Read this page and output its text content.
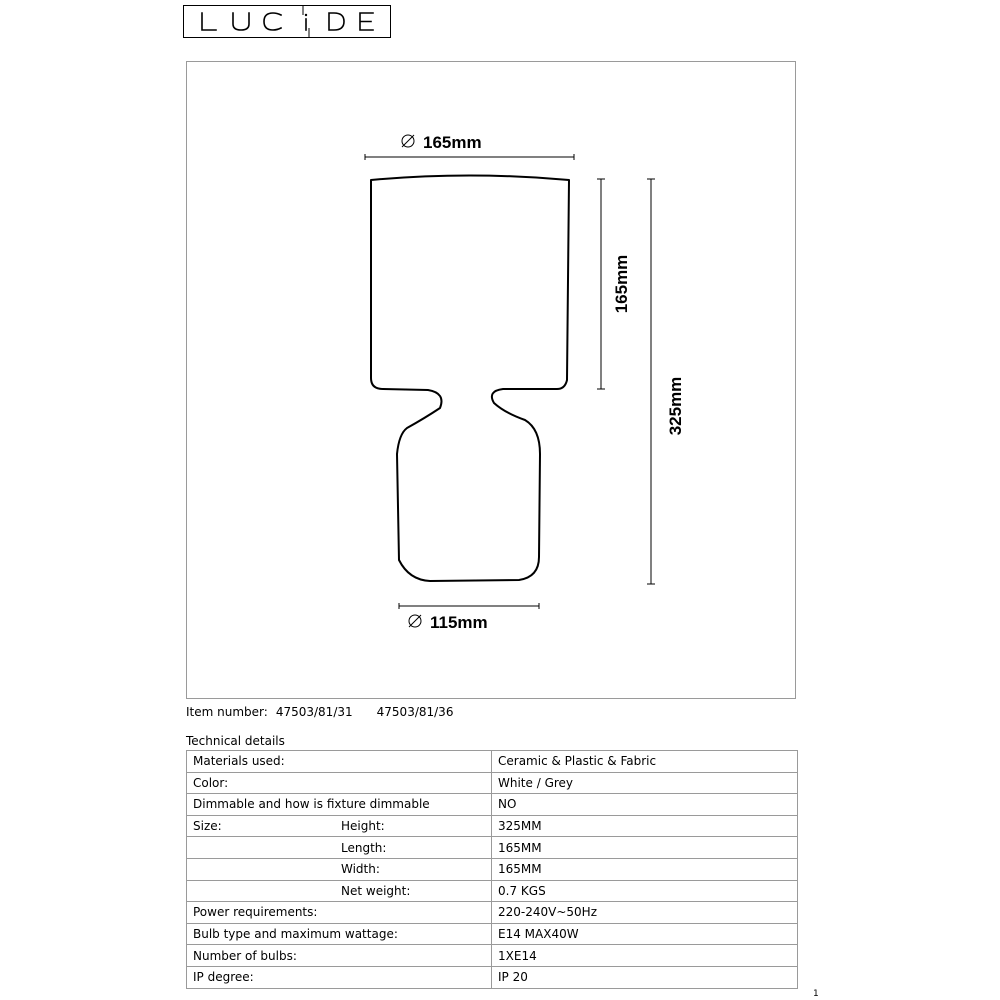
165mm
165mm
325mm
115mm
Item number: 47503/81/31 47503/81/36
Technical details
Materials used:	Ceramic & Plastic & Fabric
Color:	White / Grey
Dimmable and how is fixture dimmable	NO
Size: Height:	325MM
Length:	165MM
Width:	165MM
Net weight:	0.7 KGS
Power requirements:	220-240V~50Hz
Bulb type and maximum wattage:	E14 MAX40W
Number of bulbs:	1XE14
IP degree:	IP 20
1
